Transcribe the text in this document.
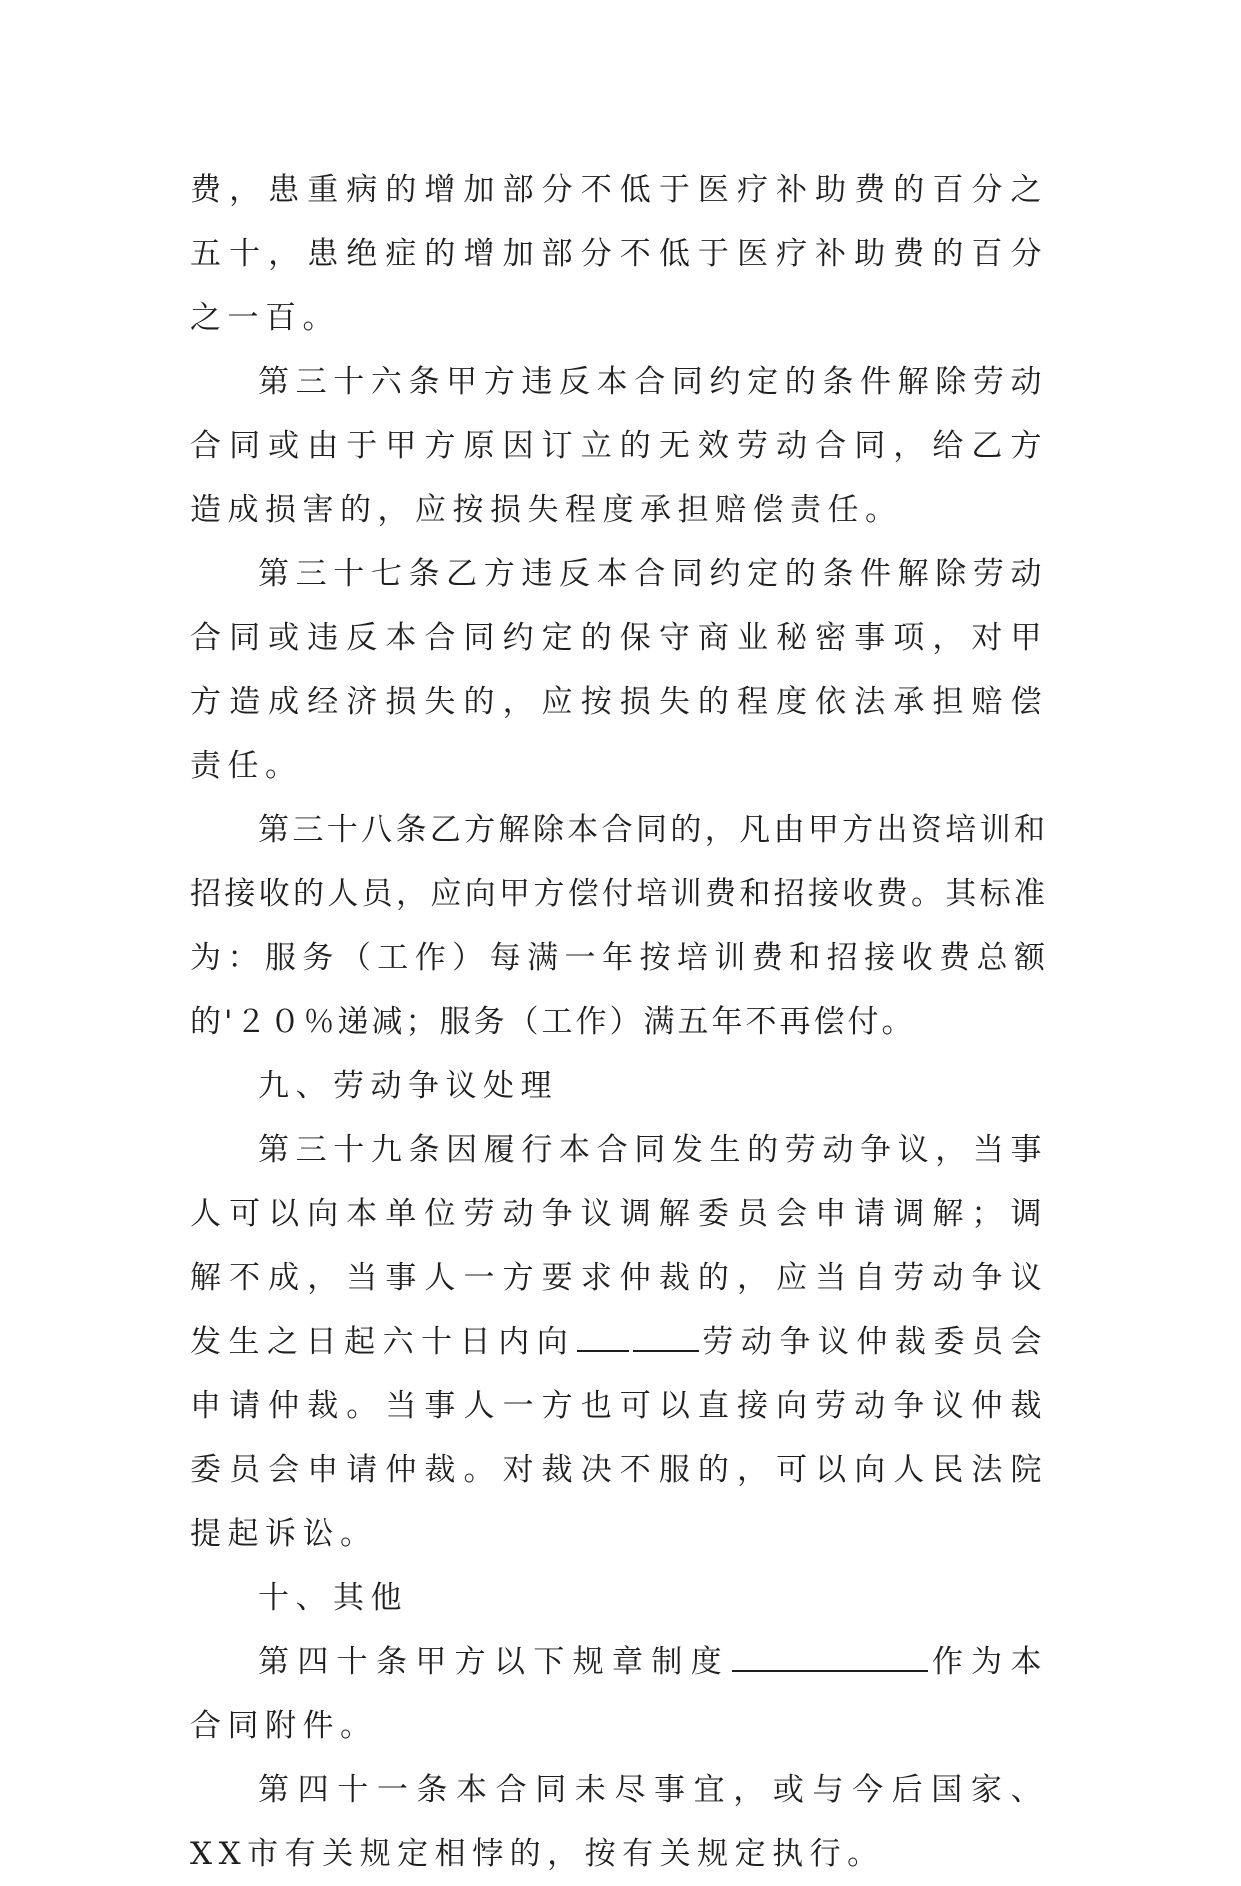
费，患重病的增加部分不低于医疗补助费的百分之五十，患绝症的增加部分不低于医疗补助费的百分之一百。

第三十六条甲方违反本合同约定的条件解除劳动合同或由于甲方原因订立的无效劳动合同，给乙方造成损害的，应按损失程度承担赔偿责任。

第三十七条乙方违反本合同约定的条件解除劳动合同或违反本合同约定的保守商业秘密事项，对甲方造成经济损失的，应按损失的程度依法承担赔偿责任。

第三十八条乙方解除本合同的，凡由甲方出资培训和招接收的人员，应向甲方偿付培训费和招接收费。其标准为：服务（工作）每满一年按培训费和招接收费总额的'２０％递减；服务（工作）满五年不再偿付。

九、劳动争议处理

第三十九条因履行本合同发生的劳动争议，当事人可以向本单位劳动争议调解委员会申请调解；调解不成，当事人一方要求仲裁的，应当自劳动争议发生之日起六十日内向	劳动争议仲裁委员会申请仲裁。当事人一方也可以直接向劳动争议仲裁委员会申请仲裁。对裁决不服的，可以向人民法院提起诉讼。

十、其他

第四十条甲方以下规章制度	作为本合同附件。

第四十一条本合同未尽事宜，或与今后国家、XX市有关规定相悖的，按有关规定执行。
